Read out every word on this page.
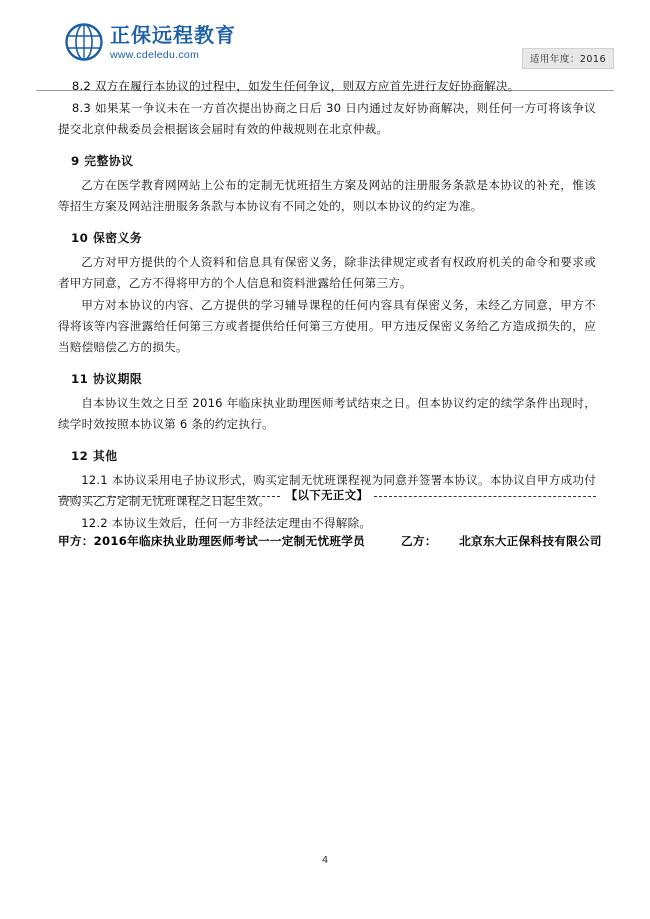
正保远程教育
www.cdeledu.com	适用年度：2016

8.2 双方在履行本协议的过程中，如发生任何争议，则双方应首先进行友好协商解决。

8.3 如果某一争议未在一方首次提出协商之日后 30 日内通过友好协商解决，则任何一方可将该争议提交北京仲裁委员会根据该会届时有效的仲裁规则在北京仲裁。

9 完整协议

乙方在医学教育网网站上公布的定制无忧班招生方案及网站的注册服务条款是本协议的补充，惟该等招生方案及网站注册服务条款与本协议有不同之处的，则以本协议的约定为准。

10 保密义务

乙方对甲方提供的个人资料和信息具有保密义务，除非法律规定或者有权政府机关的命令和要求或者甲方同意，乙方不得将甲方的个人信息和资料泄露给任何第三方。

甲方对本协议的内容、乙方提供的学习辅导课程的任何内容具有保密义务，未经乙方同意，甲方不得将该等内容泄露给任何第三方或者提供给任何第三方使用。甲方违反保密义务给乙方造成损失的，应当赔偿赔偿乙方的损失。

11 协议期限

自本协议生效之日至 2016 年临床执业助理医师考试结束之日。但本协议约定的续学条件出现时，续学时效按照本协议第 6 条的约定执行。

12 其他

12.1 本协议采用电子协议形式，购买定制无忧班课程视为同意并签署本协议。本协议自甲方成功付费购买乙方定制无忧班课程之日起生效。

12.2 本协议生效后，任何一方非经法定理由不得解除。

【以下无正文】
甲方：2016年临床执业助理医师考试一一定制无忧班学员	乙方： 北京东大正保科技有限公司
4
